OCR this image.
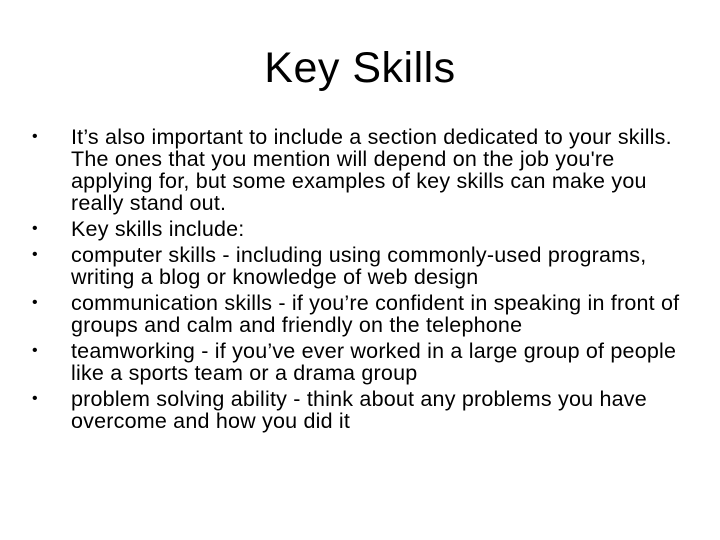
Key Skills
• It’s also important to include a section dedicated to your skills. The ones that you mention will depend on the job you're applying for, but some examples of key skills can make you really stand out.
• Key skills include:
• computer skills - including using commonly-used programs, writing a blog or knowledge of web design
• communication skills - if you’re confident in speaking in front of groups and calm and friendly on the telephone
• teamworking - if you’ve ever worked in a large group of people like a sports team or a drama group
• problem solving ability - think about any problems you have overcome and how you did it
